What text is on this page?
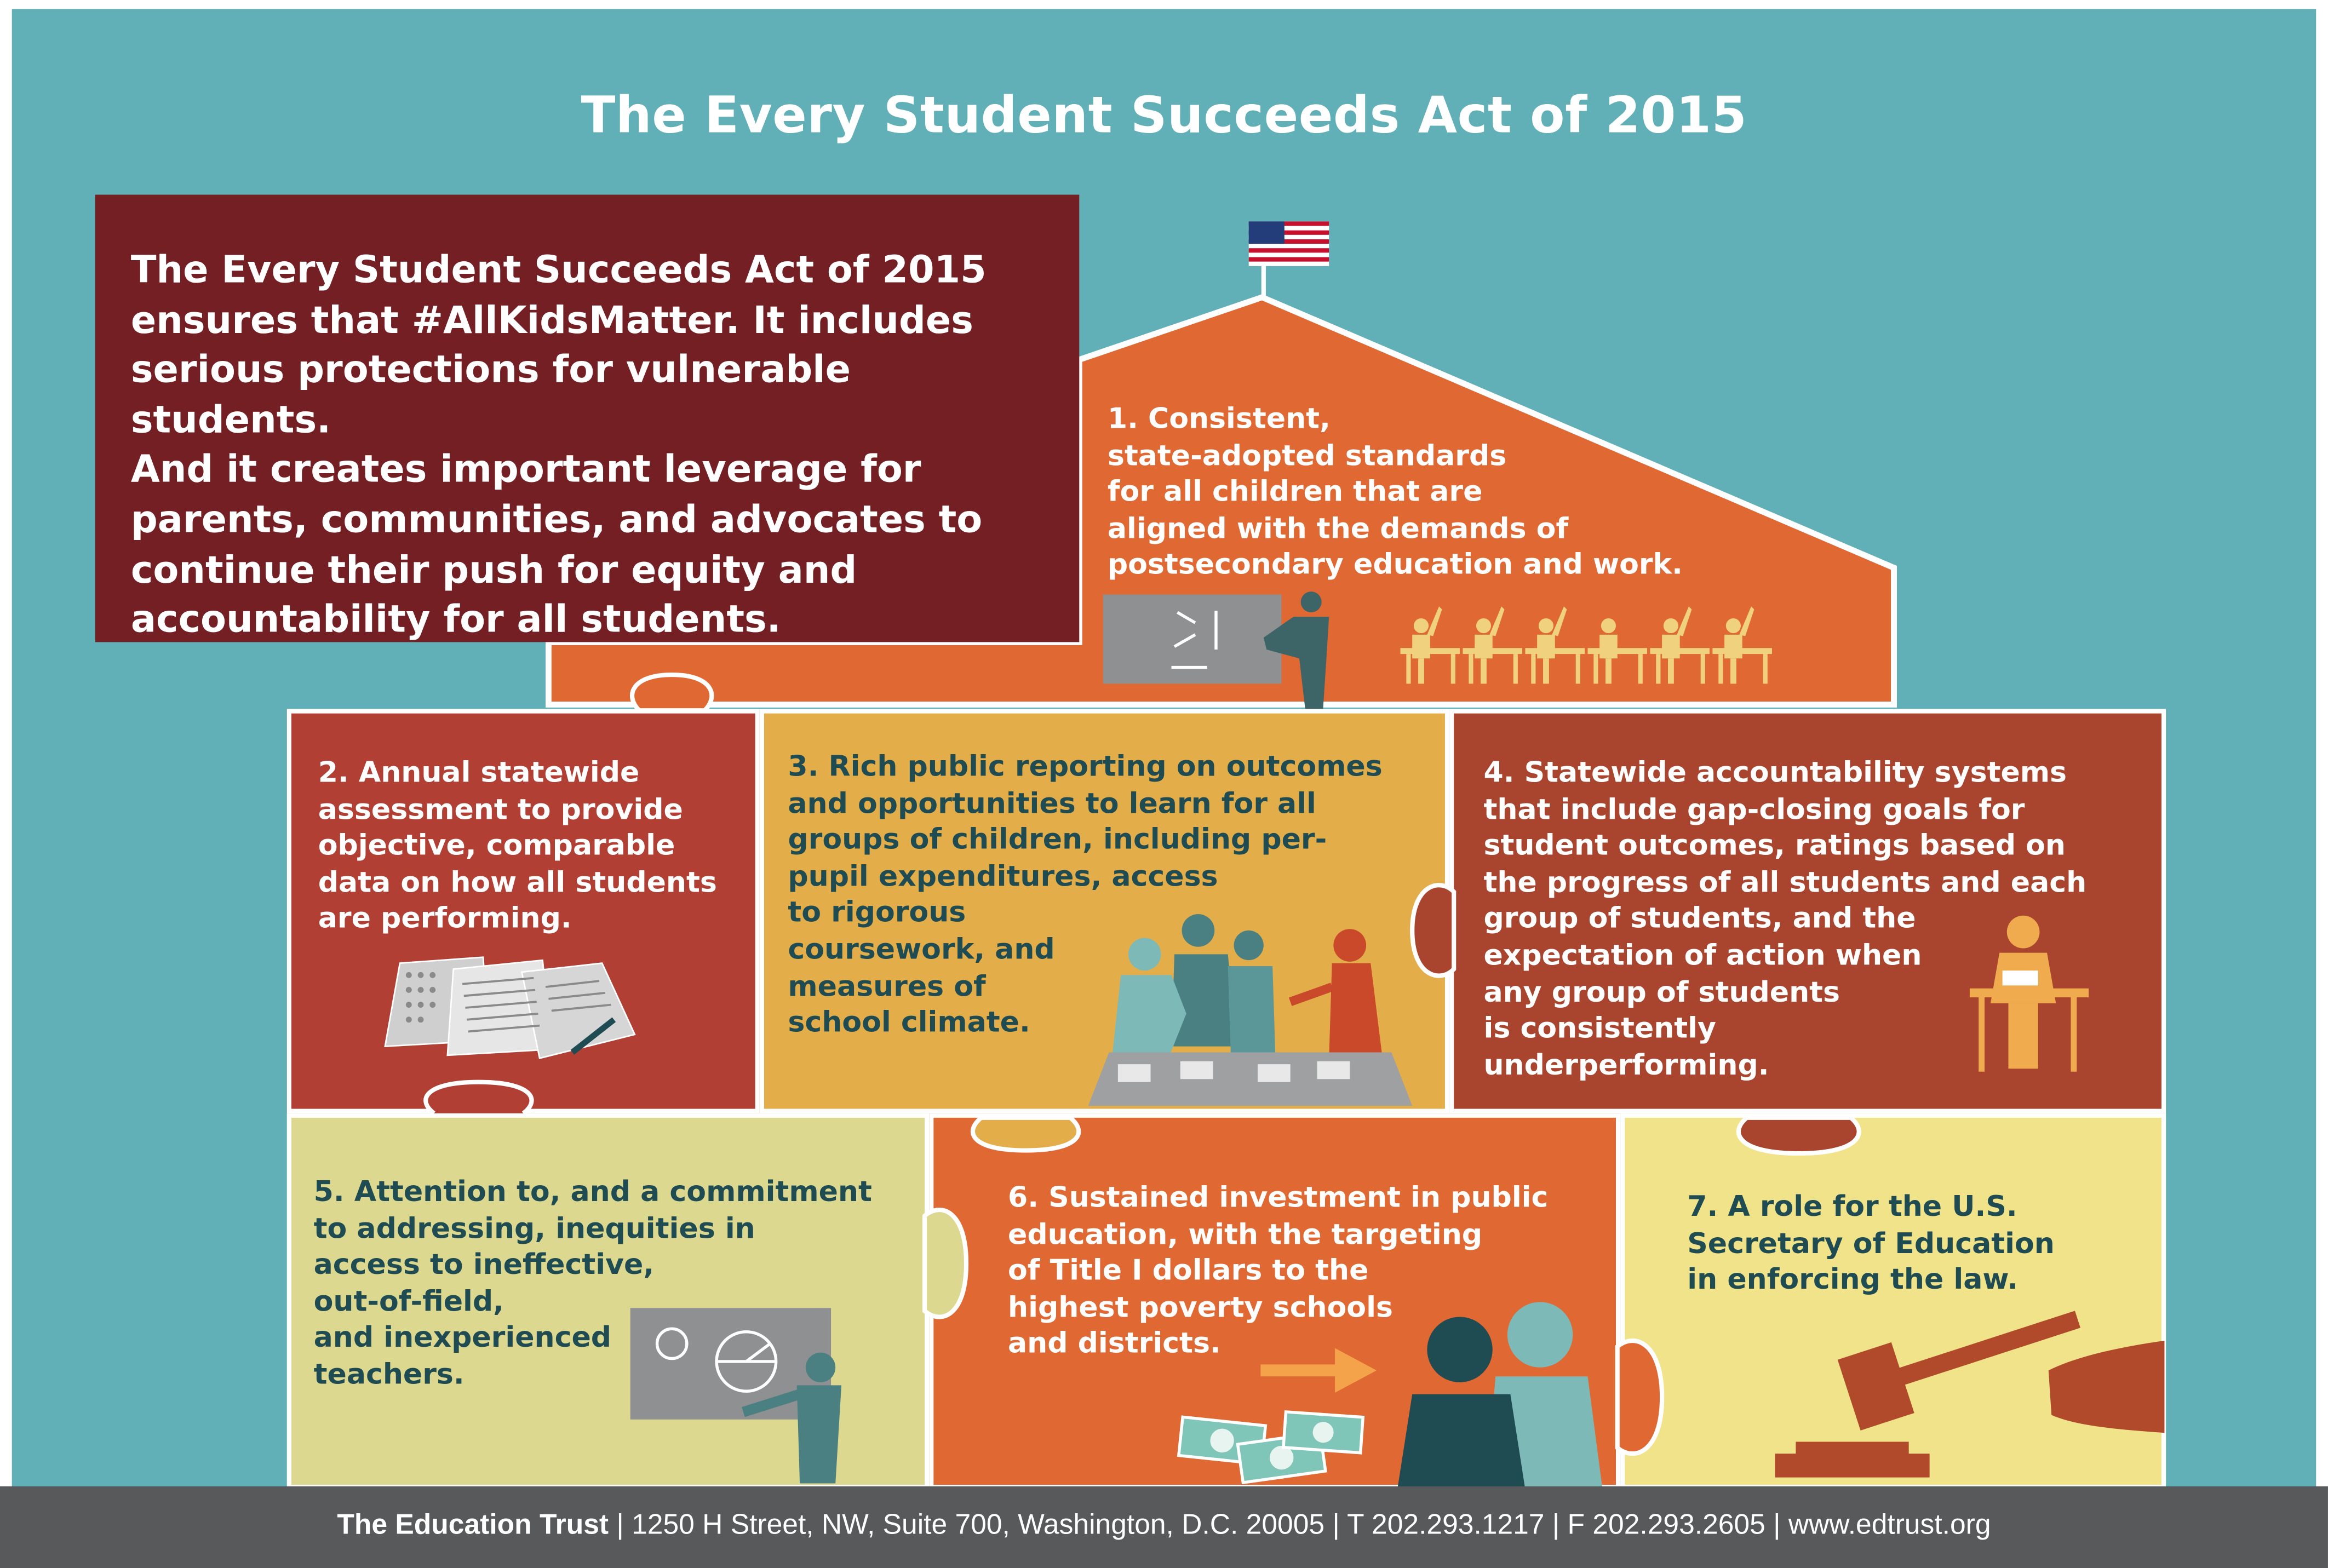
The Every Student Succeeds Act of 2015

The Every Student Succeeds Act of 2015
ensures that #AllKidsMatter. It includes
serious protections for vulnerable students.
And it creates important leverage for
parents, communities, and advocates to
continue their push for equity and
accountability for all students.

1. Consistent,
state-adopted standards
for all children that are
aligned with the demands of
postsecondary education and work.

2. Annual statewide
assessment to provide
objective, comparable
data on how all students
are performing.

3. Rich public reporting on outcomes
and opportunities to learn for all
groups of children, including per-
pupil expenditures, access
to rigorous
coursework, and
measures of
school climate.

4. Statewide accountability systems
that include gap-closing goals for
student outcomes, ratings based on
the progress of all students and each
group of students, and the
expectation of action when
any group of students
is consistently
underperforming.

5. Attention to, and a commitment
to addressing, inequities in
access to ineffective,
out-of-field,
and inexperienced
teachers.

6. Sustained investment in public
education, with the targeting
of Title I dollars to the
highest poverty schools
and districts.

7. A role for the U.S.
Secretary of Education
in enforcing the law.

The Education Trust | 1250 H Street, NW, Suite 700, Washington, D.C. 20005 | T 202.293.1217 | F 202.293.2605 | www.edtrust.org
